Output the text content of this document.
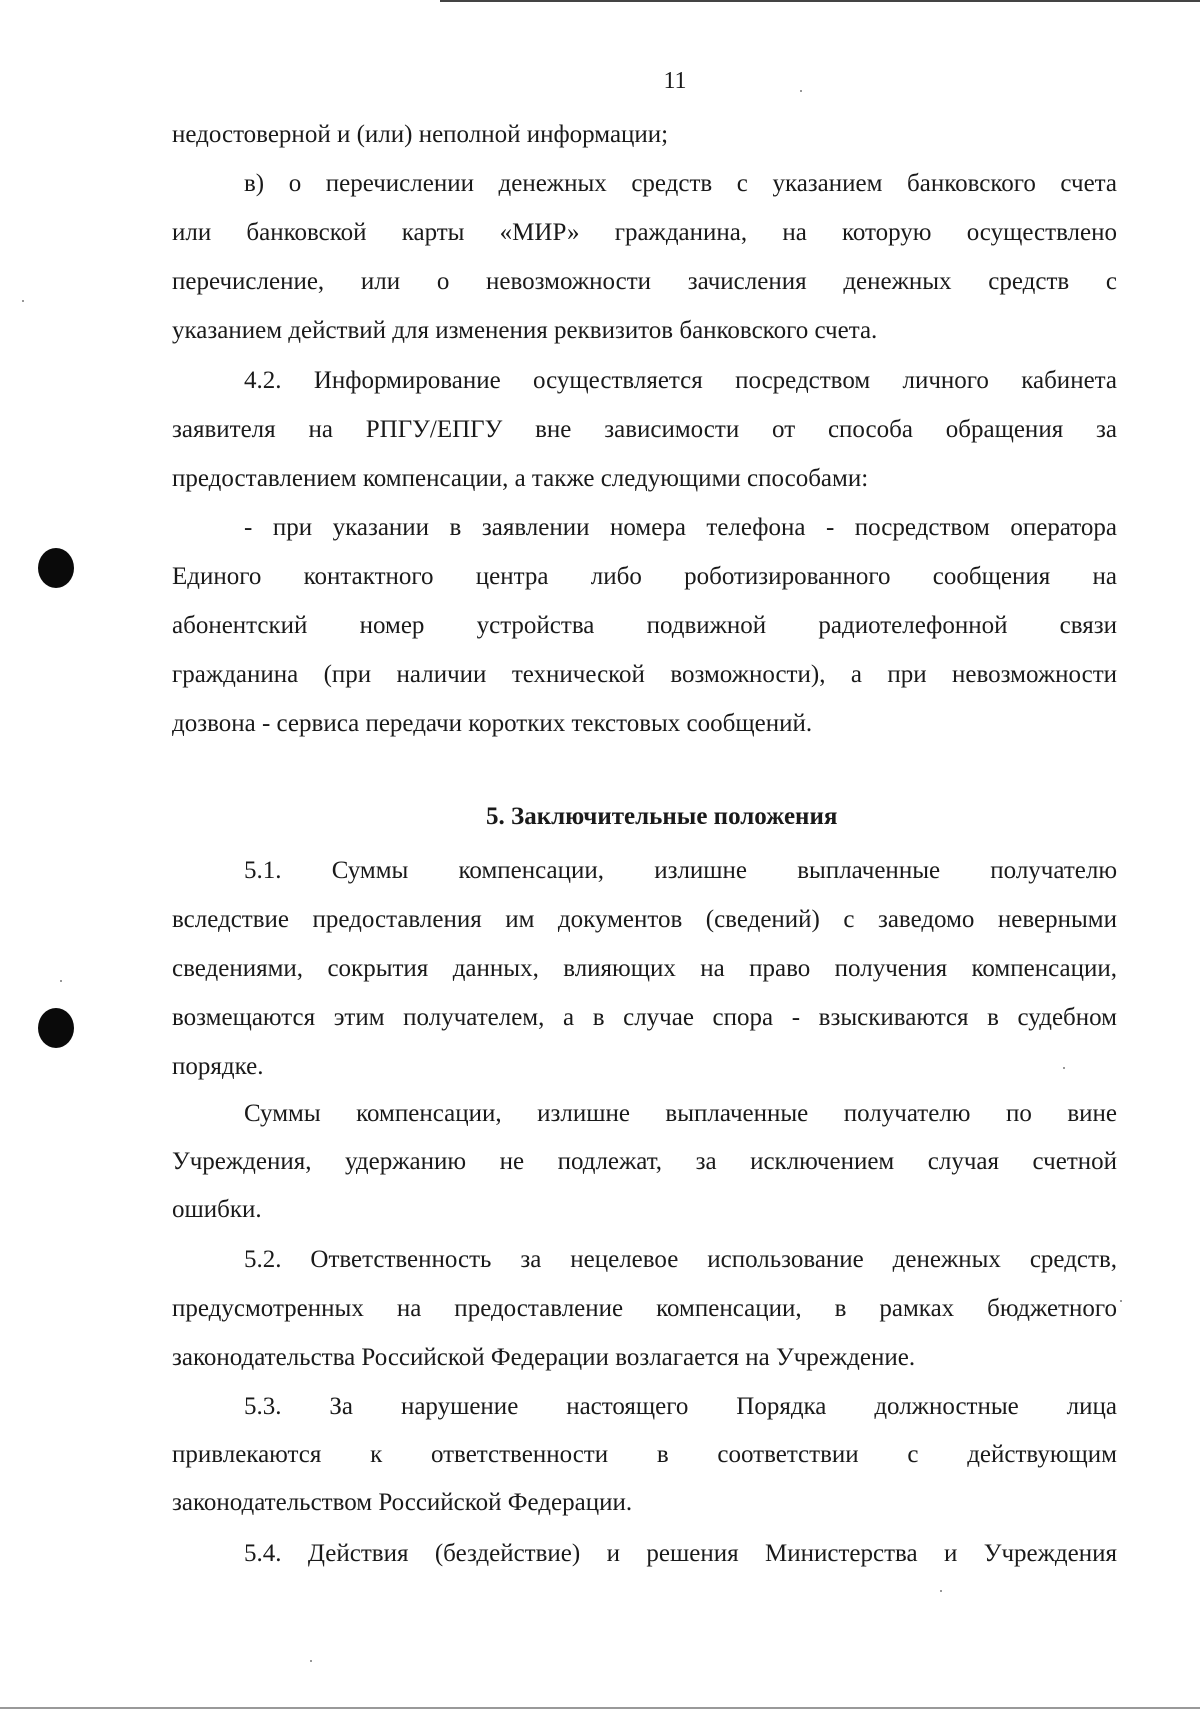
11
недостоверной и (или) неполной информации;
в) о перечислении денежных средств с указанием банковского счета
или банковской карты «МИР» гражданина, на которую осуществлено
перечисление, или о невозможности зачисления денежных средств с
указанием действий для изменения реквизитов банковского счета.
4.2. Информирование осуществляется посредством личного кабинета
заявителя на РПГУ/ЕПГУ вне зависимости от способа обращения за
предоставлением компенсации, а также следующими способами:
- при указании в заявлении номера телефона - посредством оператора
Единого контактного центра либо роботизированного сообщения на
абонентский номер устройства подвижной радиотелефонной связи
гражданина (при наличии технической возможности), а при невозможности
дозвона - сервиса передачи коротких текстовых сообщений.
5. Заключительные положения
5.1. Суммы компенсации, излишне выплаченные получателю
вследствие предоставления им документов (сведений) с заведомо неверными
сведениями, сокрытия данных, влияющих на право получения компенсации,
возмещаются этим получателем, а в случае спора - взыскиваются в судебном
порядке.
Суммы компенсации, излишне выплаченные получателю по вине
Учреждения, удержанию не подлежат, за исключением случая счетной
ошибки.
5.2. Ответственность за нецелевое использование денежных средств,
предусмотренных на предоставление компенсации, в рамках бюджетного
законодательства Российской Федерации возлагается на Учреждение.
5.3. За нарушение настоящего Порядка должностные лица
привлекаются к ответственности в соответствии с действующим
законодательством Российской Федерации.
5.4. Действия (бездействие) и решения Министерства и Учреждения
